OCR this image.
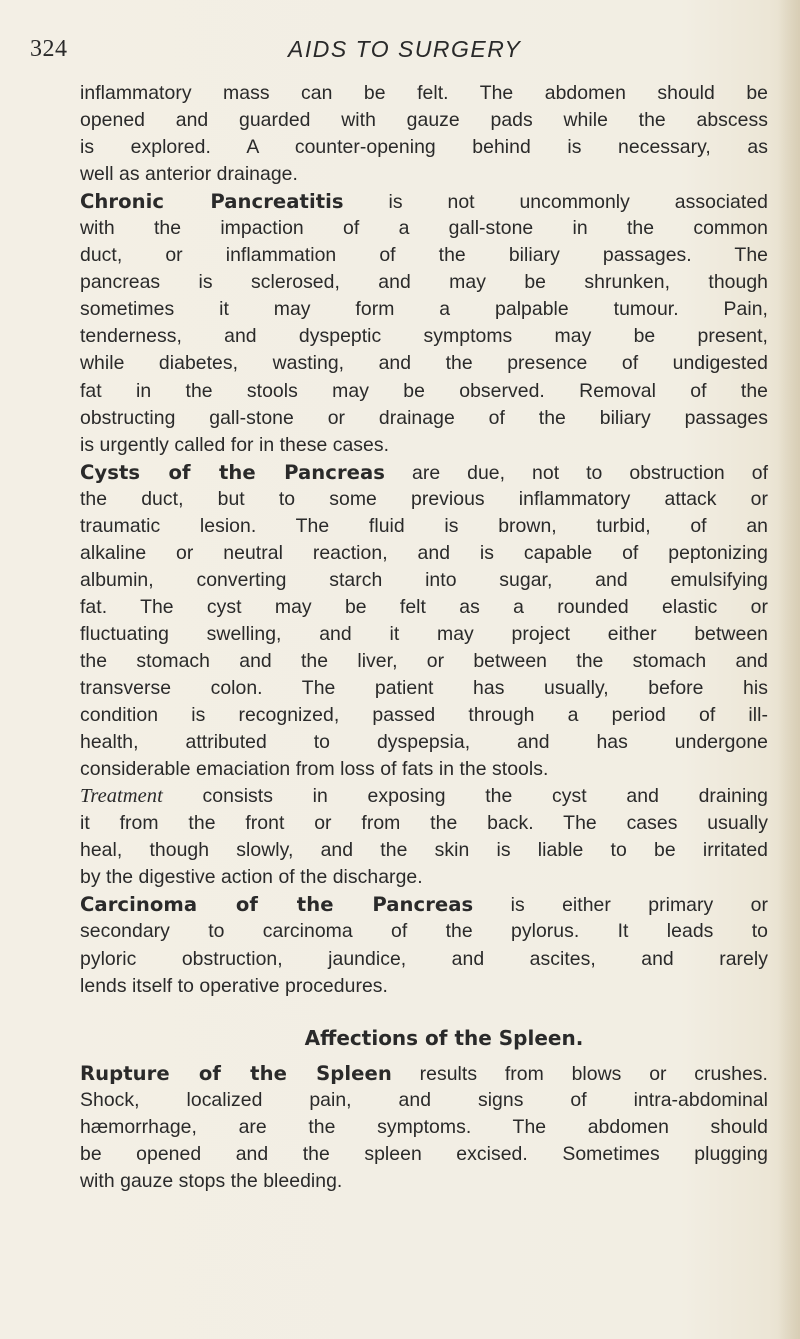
324	AIDS TO SURGERY
inflammatory mass can be felt. The abdomen should be
opened and guarded with gauze pads while the abscess
is explored. A counter-opening behind is necessary, as
well as anterior drainage.
Chronic Pancreatitis is not uncommonly associated
with the impaction of a gall-stone in the common
duct, or inflammation of the biliary passages. The
pancreas is sclerosed, and may be shrunken, though
sometimes it may form a palpable tumour. Pain,
tenderness, and dyspeptic symptoms may be present,
while diabetes, wasting, and the presence of undigested
fat in the stools may be observed. Removal of the
obstructing gall-stone or drainage of the biliary passages
is urgently called for in these cases.
Cysts of the Pancreas are due, not to obstruction of
the duct, but to some previous inflammatory attack or
traumatic lesion. The fluid is brown, turbid, of an
alkaline or neutral reaction, and is capable of peptonizing
albumin, converting starch into sugar, and emulsifying
fat. The cyst may be felt as a rounded elastic or
fluctuating swelling, and it may project either between
the stomach and the liver, or between the stomach and
transverse colon. The patient has usually, before his
condition is recognized, passed through a period of ill-
health, attributed to dyspepsia, and has undergone
considerable emaciation from loss of fats in the stools.
Treatment consists in exposing the cyst and draining
it from the front or from the back. The cases usually
heal, though slowly, and the skin is liable to be irritated
by the digestive action of the discharge.
Carcinoma of the Pancreas is either primary or
secondary to carcinoma of the pylorus. It leads to
pyloric obstruction, jaundice, and ascites, and rarely
lends itself to operative procedures.
Affections of the Spleen.
Rupture of the Spleen results from blows or crushes.
Shock, localized pain, and signs of intra-abdominal
hæmorrhage, are the symptoms. The abdomen should
be opened and the spleen excised. Sometimes plugging
with gauze stops the bleeding.
